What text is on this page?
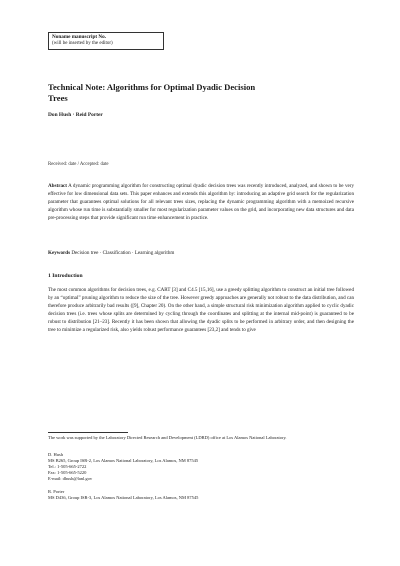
Noname manuscript No.
(will be inserted by the editor)
Technical Note: Algorithms for Optimal Dyadic Decision
Trees
Don Hush · Reid Porter
Received: date / Accepted: date
Abstract A dynamic programming algorithm for constructing optimal dyadic decision trees was recently introduced, analyzed, and shown to be very effective for low dimensional data sets. This paper enhances and extends this algorithm by: introducing an adaptive grid search for the regularization parameter that guarantees optimal solutions for all relevant trees sizes, replacing the dynamic programming algorithm with a memoized recursive algorithm whose run time is substantially smaller for most regularization parameter values on the grid, and incorporating new data structures and data pre-processing steps that provide significant run time enhancement in practice.
Keywords Decision tree · Classification · Learning algorithm
1 Introduction
The most common algorithms for decision trees, e.g. CART [3] and C4.5 [15,16], use a greedy splitting algorithm to construct an initial tree followed by an “optimal” pruning algorithm to reduce the size of the tree. However greedy approaches are generally not robust to the data distribution, and can therefore produce arbitrarily bad results ([9], Chapter 20). On the other hand, a simple structural risk minimization algorithm applied to cyclic dyadic decision trees (i.e. trees whose splits are determined by cycling through the coordinates and splitting at the internal mid-point) is guaranteed to be robust to distribution [21–23]. Recently it has been shown that allowing the dyadic splits to be performed in arbitrary order, and then designing the tree to minimize a regularized risk, also yields robust performance guarantees [23,2] and tends to give
The work was supported by the Laboratory Directed Research and Development (LDRD) office at Los Alamos National Laboratory.
D. Hush
MS B265, Group ISR-2, Los Alamos National Laboratory, Los Alamos, NM 87545
Tel.: 1-505-665-2722
Fax: 1-505-665-5220
E-mail: dhush@lanl.gov
R. Porter
MS D436, Group ISR-3, Los Alamos National Laboratory, Los Alamos, NM 87545
